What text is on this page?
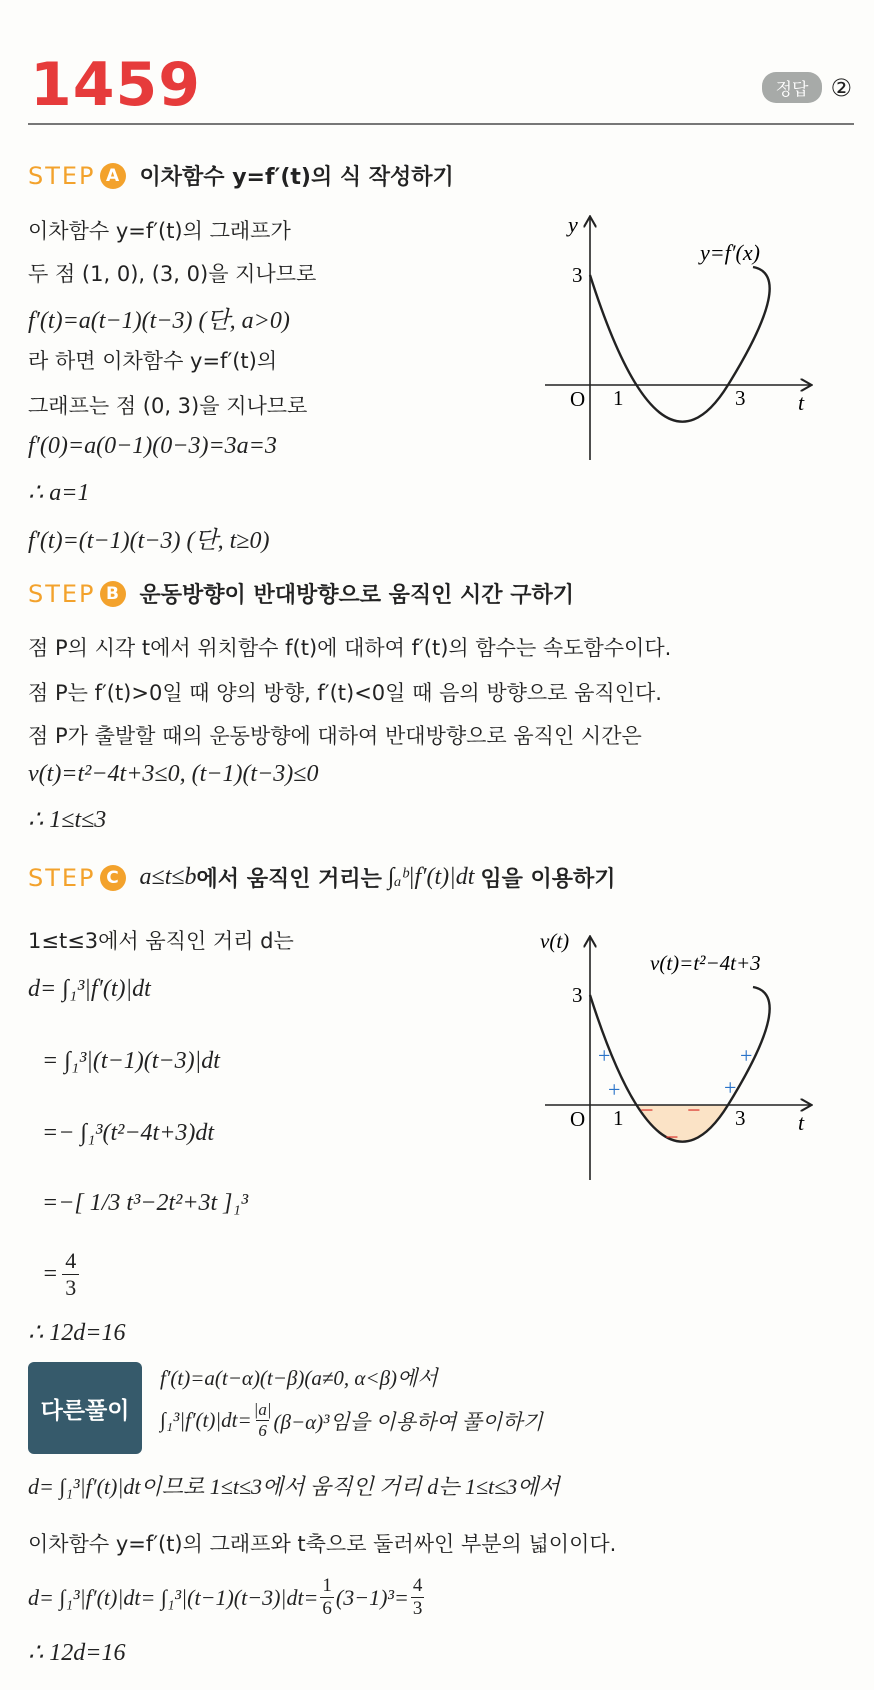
1459	정답 ②
STEP A 이차함수 y=f′(t)의 식 작성하기
이차함수 y=f′(t)의 그래프가
두 점 (1, 0), (3, 0)을 지나므로
f′(t)=a(t−1)(t−3) (단, a>0)
라 하면 이차함수 y=f′(t)의
그래프는 점 (0, 3)을 지나므로
f′(0)=a(0−1)(0−3)=3a=3
∴ a=1
f′(t)=(t−1)(t−3) (단, t≥0)
y
t
O 1	3
3
y=f′(x)
STEP B 운동방향이 반대방향으로 움직인 시간 구하기
점 P의 시각 t에서 위치함수 f(t)에 대하여 f′(t)의 함수는 속도함수이다.
점 P는 f′(t)>0일 때 양의 방향, f′(t)<0일 때 음의 방향으로 움직인다.
점 P가 출발할 때의 운동방향에 대하여 반대방향으로 움직인 시간은
v(t)=t²−4t+3≤0, (t−1)(t−3)≤0
∴ 1≤t≤3
STEP C a≤t≤b 에서 움직인 거리는 ∫ₐᵇ|f′(t)|dt 임을 이용하기
1≤t≤3에서 움직인 거리 d는
d= ∫₁³|f′(t)|dt
= ∫₁³|(t−1)(t−3)|dt
=− ∫₁³(t²−4t+3)dt
=−[ 1/3 t³−2t²+3t ]₁³
= $\frac{4}{3}$
∴ 12d=16
v(t)
t
O 1	3
3
v(t)=t²−4t+3
+
+
+
+
− −
−
다른풀이
f′(t)=a(t−α)(t−β)(a≠0, α<β)에서
$\int_1^3|f'(t)|dt= \frac{|a|}{6} (\beta-\alpha)^3$임을 이용하여 풀이하기
d= ∫₁³|f′(t)|dt이므로 1≤t≤3에서 움직인 거리 d는 1≤t≤3에서
이차함수 y=f′(t)의 그래프와 t축으로 둘러싸인 부분의 넓이이다.
$d= \int_1^3|f'(t)|dt= \int_1^3|(t-1)(t-3)|dt= \frac{1}{6} (3-1)^3= \frac{4}{3}$
∴ 12d=16
